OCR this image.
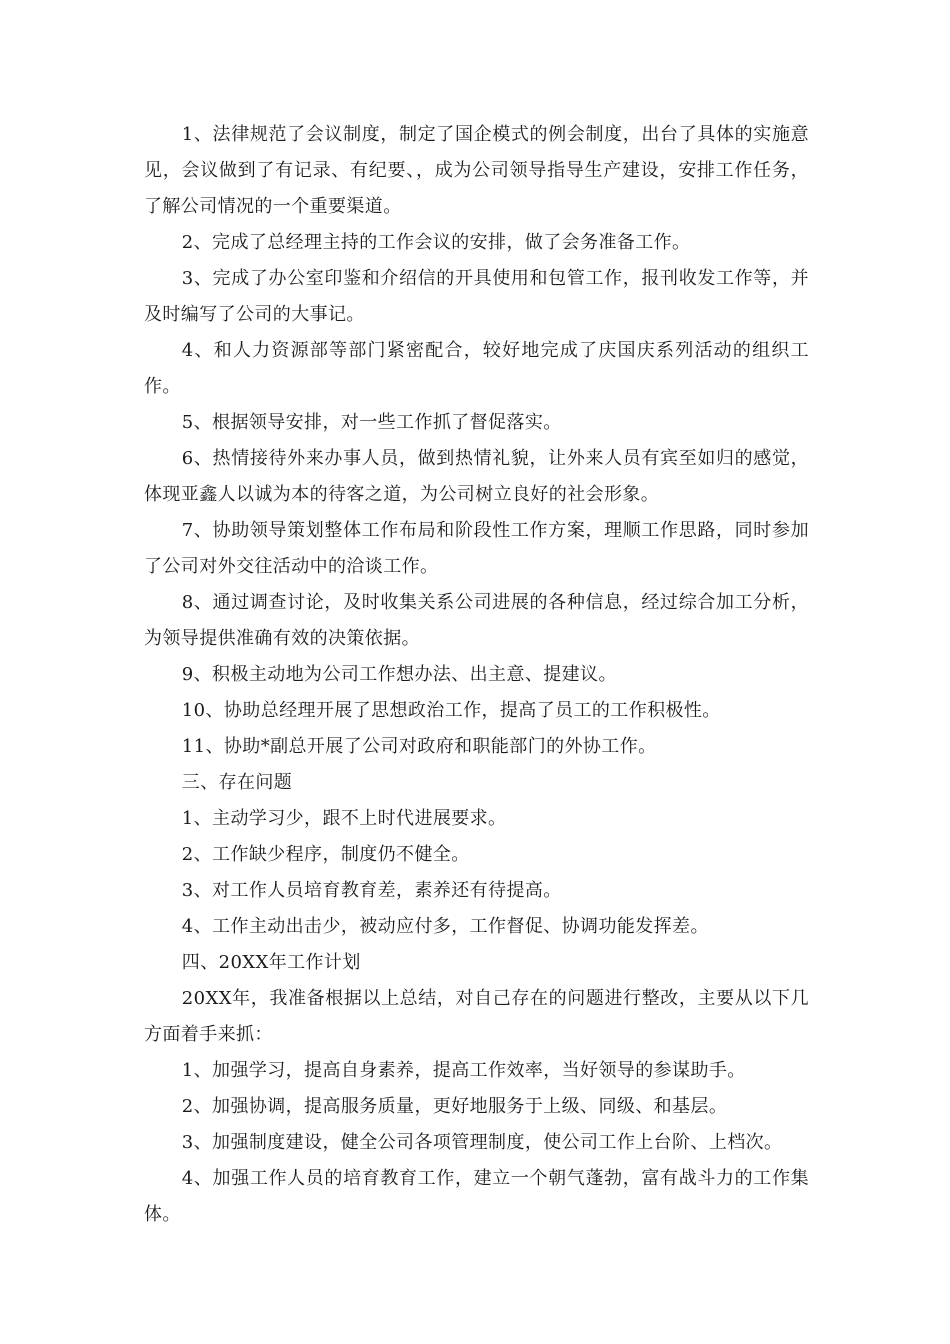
1、法律规范了会议制度，制定了国企模式的例会制度，出台了具体的实施意见，会议做到了有记录、有纪要、，成为公司领导指导生产建设，安排工作任务，了解公司情况的一个重要渠道。

2、完成了总经理主持的工作会议的安排，做了会务准备工作。

3、完成了办公室印鉴和介绍信的开具使用和包管工作，报刊收发工作等，并及时编写了公司的大事记。

4、和人力资源部等部门紧密配合，较好地完成了庆国庆系列活动的组织工作。

5、根据领导安排，对一些工作抓了督促落实。

6、热情接待外来办事人员，做到热情礼貌，让外来人员有宾至如归的感觉，体现亚鑫人以诚为本的待客之道，为公司树立良好的社会形象。

7、协助领导策划整体工作布局和阶段性工作方案，理顺工作思路，同时参加了公司对外交往活动中的洽谈工作。

8、通过调查讨论，及时收集关系公司进展的各种信息，经过综合加工分析，为领导提供准确有效的决策依据。

9、积极主动地为公司工作想办法、出主意、提建议。

10、协助总经理开展了思想政治工作，提高了员工的工作积极性。

11、协助*副总开展了公司对政府和职能部门的外协工作。

三、存在问题

1、主动学习少，跟不上时代进展要求。

2、工作缺少程序，制度仍不健全。

3、对工作人员培育教育差，素养还有待提高。

4、工作主动出击少，被动应付多，工作督促、协调功能发挥差。

四、20XX年工作计划

20XX年，我准备根据以上总结，对自己存在的问题进行整改，主要从以下几方面着手来抓：

1、加强学习，提高自身素养，提高工作效率，当好领导的参谋助手。

2、加强协调，提高服务质量，更好地服务于上级、同级、和基层。

3、加强制度建设，健全公司各项管理制度，使公司工作上台阶、上档次。

4、加强工作人员的培育教育工作，建立一个朝气蓬勃，富有战斗力的工作集体。
